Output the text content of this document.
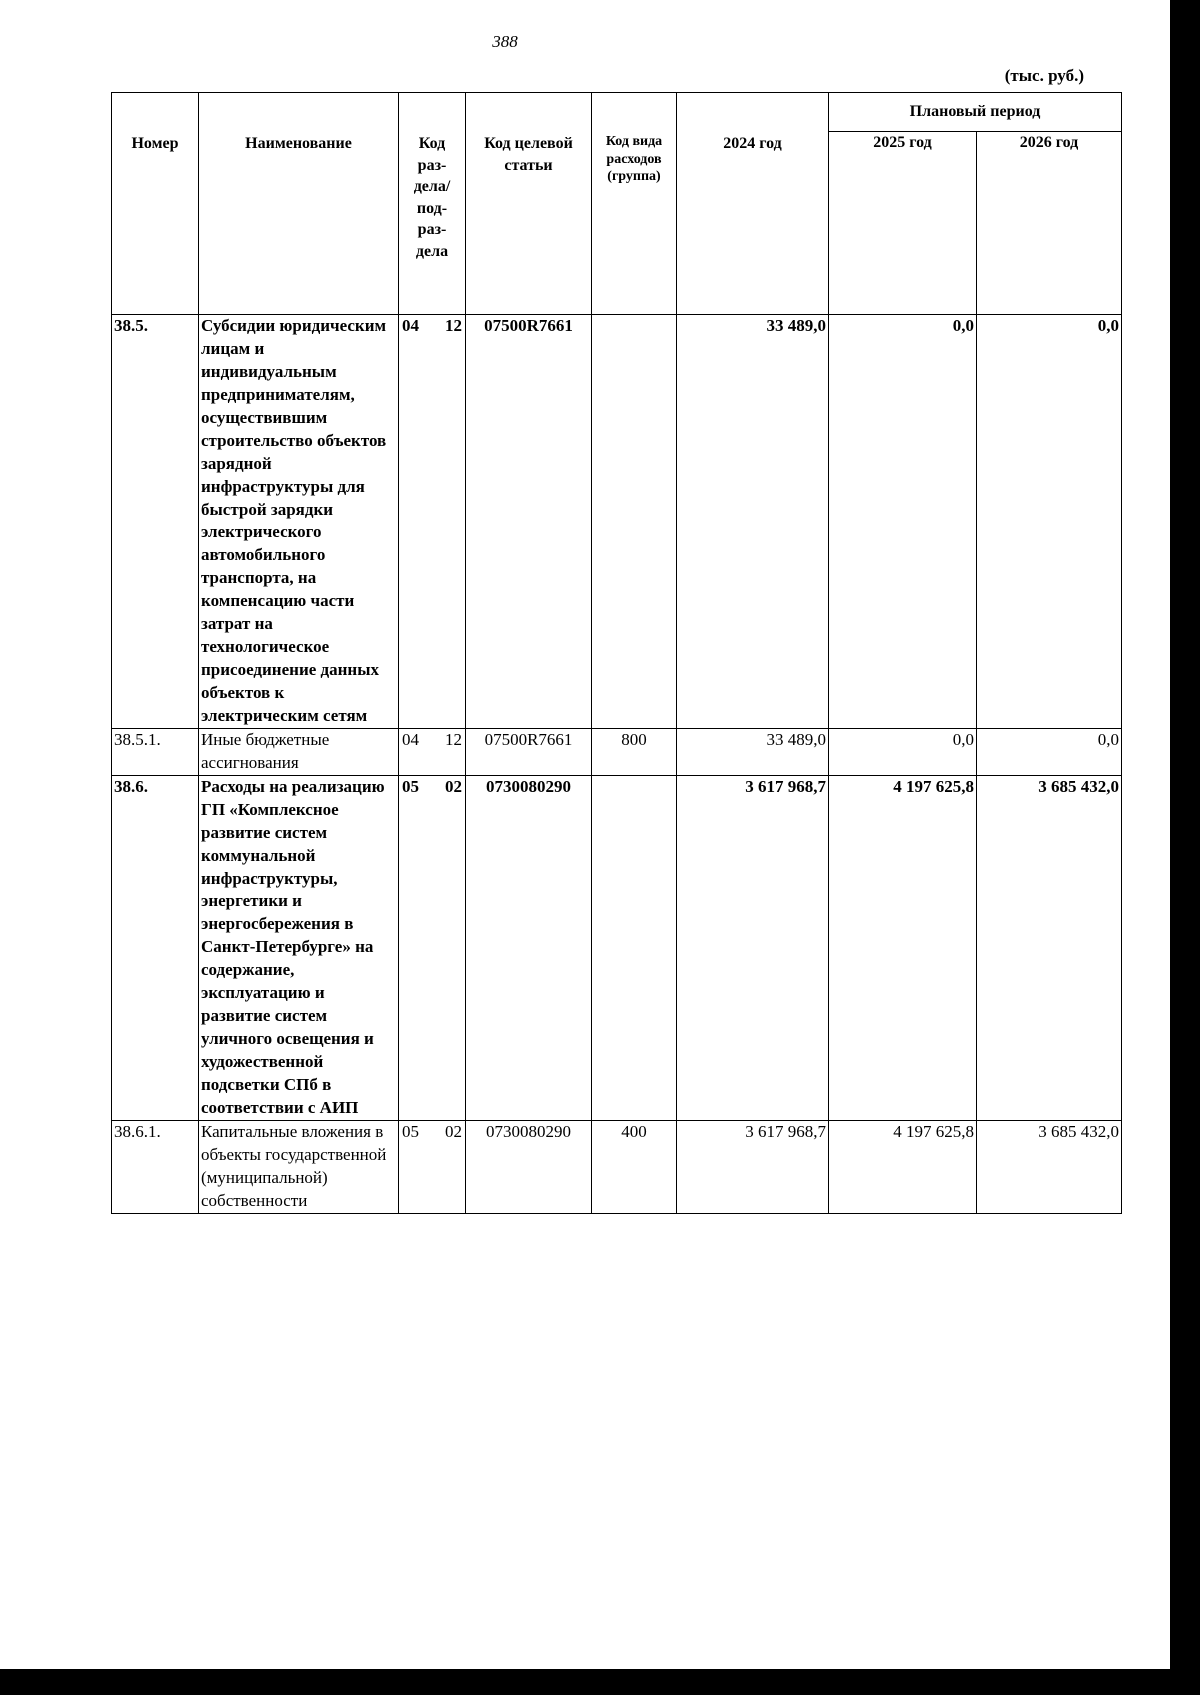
388
(тыс. руб.)
Номер	Наименование	Код раз- дела/ под- раз- дела	Код целевой статьи	Код вида расходов (группа)	2024 год	Плановый период	
						2025 год	2026 год
38.5.	Субсидии юридическим лицам и индивидуальным предпринимателям, осуществившим строительство объектов зарядной инфраструктуры для быстрой зарядки электрического автомобильного транспорта, на компенсацию части затрат на технологическое присоединение данных объектов к электрическим сетям	04 12	07500R7661		33 489,0	0,0	0,0
38.5.1.	Иные бюджетные ассигнования	04 12	07500R7661	800	33 489,0	0,0	0,0
38.6.	Расходы на реализацию ГП «Комплексное развитие систем коммунальной инфраструктуры, энергетики и энергосбережения в Санкт-Петербурге» на содержание, эксплуатацию и развитие систем уличного освещения и художественной подсветки СПб в соответствии с АИП	05 02	0730080290		3 617 968,7	4 197 625,8	3 685 432,0
38.6.1.	Капитальные вложения в объекты государственной (муниципальной) собственности	05 02	0730080290	400	3 617 968,7	4 197 625,8	3 685 432,0
